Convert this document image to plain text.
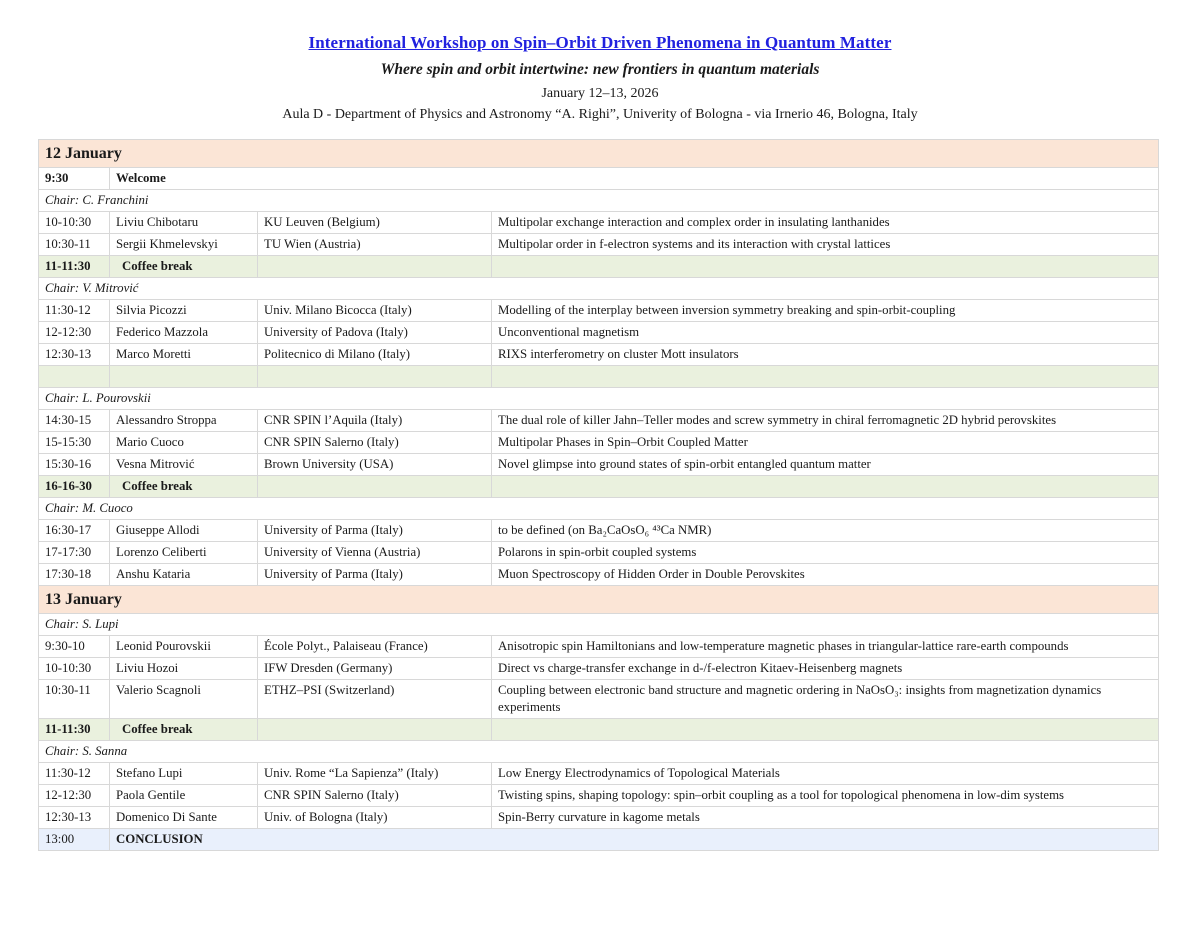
International Workshop on Spin–Orbit Driven Phenomena in Quantum Matter
Where spin and orbit intertwine: new frontiers in quantum materials
January 12–13, 2026
Aula D - Department of Physics and Astronomy “A. Righi”, Univerity of Bologna - via Irnerio 46, Bologna, Italy
12 January			
9:30	Welcome		
Chair: C. Franchini			
10-10:30	Liviu Chibotaru	KU Leuven (Belgium)	Multipolar exchange interaction and complex order in insulating lanthanides
10:30-11	Sergii Khmelevskyi	TU Wien (Austria)	Multipolar order in f-electron systems and its interaction with crystal lattices
11-11:30	Coffee break		
Chair: V. Mitrović			
11:30-12	Silvia Picozzi	Univ. Milano Bicocca (Italy)	Modelling of the interplay between inversion symmetry breaking and spin-orbit-coupling
12-12:30	Federico Mazzola	University of Padova (Italy)	Unconventional magnetism
12:30-13	Marco Moretti	Politecnico di Milano (Italy)	RIXS interferometry on cluster Mott insulators

Chair: L. Pourovskii			
14:30-15	Alessandro Stroppa	CNR SPIN l’Aquila (Italy)	The dual role of killer Jahn–Teller modes and screw symmetry in chiral ferromagnetic 2D hybrid perovskites
15-15:30	Mario Cuoco	CNR SPIN Salerno (Italy)	Multipolar Phases in Spin–Orbit Coupled Matter
15:30-16	Vesna Mitrović	Brown University (USA)	Novel glimpse into ground states of spin-orbit entangled quantum matter
16-16-30	Coffee break		
Chair: M. Cuoco			
16:30-17	Giuseppe Allodi	University of Parma (Italy)	to be defined (on Ba₂CaOsO₆ ⁴³Ca NMR)
17-17:30	Lorenzo Celiberti	University of Vienna (Austria)	Polarons in spin-orbit coupled systems
17:30-18	Anshu Kataria	University of Parma (Italy)	Muon Spectroscopy of Hidden Order in Double Perovskites
13 January			
Chair: S. Lupi			
9:30-10	Leonid Pourovskii	École Polyt., Palaiseau (France)	Anisotropic spin Hamiltonians and low-temperature magnetic phases in triangular-lattice rare-earth compounds
10-10:30	Liviu Hozoi	IFW Dresden (Germany)	Direct vs charge-transfer exchange in d-/f-electron Kitaev-Heisenberg magnets
10:30-11	Valerio Scagnoli	ETHZ–PSI (Switzerland)	Coupling between electronic band structure and magnetic ordering in NaOsO₃: insights from magnetization dynamics experiments
11-11:30	Coffee break		
Chair: S. Sanna			
11:30-12	Stefano Lupi	Univ. Rome “La Sapienza” (Italy)	Low Energy Electrodynamics of Topological Materials
12-12:30	Paola Gentile	CNR SPIN Salerno (Italy)	Twisting spins, shaping topology: spin–orbit coupling as a tool for topological phenomena in low-dim systems
12:30-13	Domenico Di Sante	Univ. of Bologna (Italy)	Spin-Berry curvature in kagome metals
13:00	CONCLUSION		
